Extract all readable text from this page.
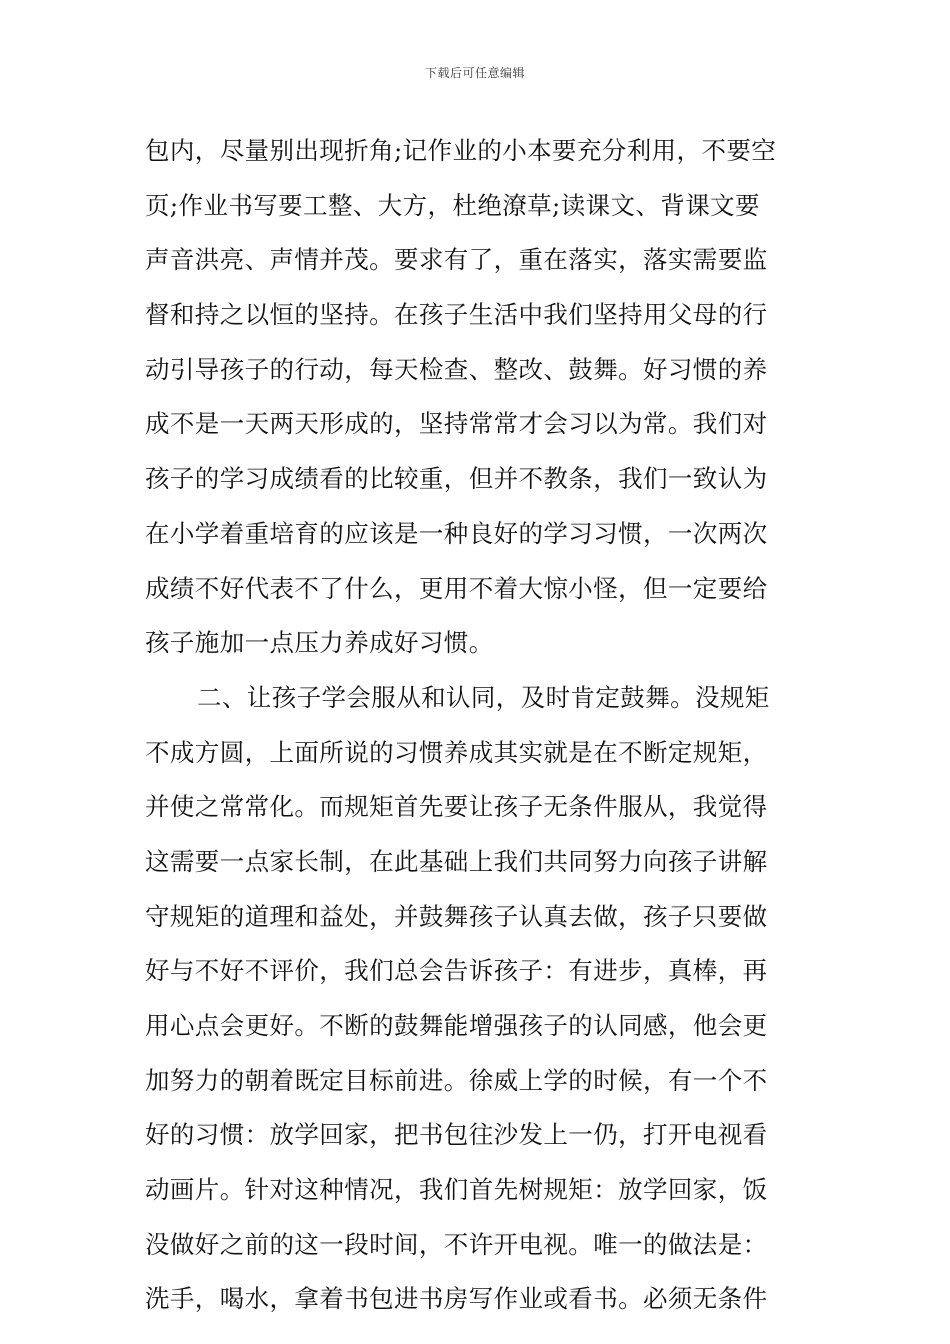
下载后可任意编辑
包内，尽量别出现折角;记作业的小本要充分利用，不要空
页;作业书写要工整、大方，杜绝潦草;读课文、背课文要
声音洪亮、声情并茂。要求有了，重在落实，落实需要监
督和持之以恒的坚持。在孩子生活中我们坚持用父母的行
动引导孩子的行动，每天检查、整改、鼓舞。好习惯的养
成不是一天两天形成的，坚持常常才会习以为常。我们对
孩子的学习成绩看的比较重，但并不教条，我们一致认为
在小学着重培育的应该是一种良好的学习习惯，一次两次
成绩不好代表不了什么，更用不着大惊小怪，但一定要给
孩子施加一点压力养成好习惯。
二、让孩子学会服从和认同，及时肯定鼓舞。没规矩
不成方圆，上面所说的习惯养成其实就是在不断定规矩，
并使之常常化。而规矩首先要让孩子无条件服从，我觉得
这需要一点家长制，在此基础上我们共同努力向孩子讲解
守规矩的道理和益处，并鼓舞孩子认真去做，孩子只要做
好与不好不评价，我们总会告诉孩子：有进步，真棒，再
用心点会更好。不断的鼓舞能增强孩子的认同感，他会更
加努力的朝着既定目标前进。徐威上学的时候，有一个不
好的习惯：放学回家，把书包往沙发上一仍，打开电视看
动画片。针对这种情况，我们首先树规矩：放学回家，饭
没做好之前的这一段时间，不许开电视。唯一的做法是：
洗手，喝水，拿着书包进书房写作业或看书。必须无条件
